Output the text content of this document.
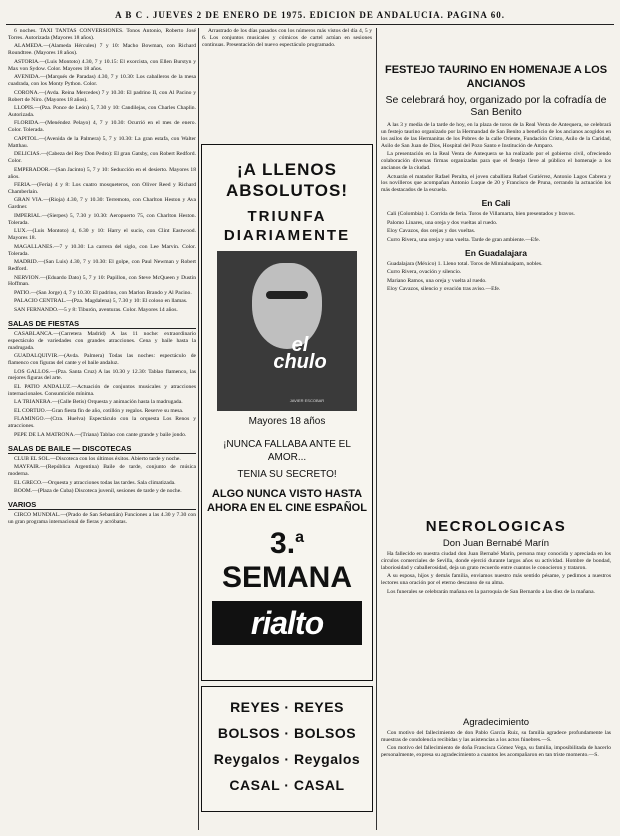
A B C . JUEVES 2 DE ENERO DE 1975. EDICION DE ANDALUCIA. PAGINA 60.

6 noches. TAXI TANTAS CONVERSIONES. Tonos Antonio, Roberto José Torres. Autorizada (Mayores 18 años).

ALAMEDA.—(Alameda Hércules) 7 y 10: Macho Bowman, con Richard Roundtree. (Mayores 18 años).

ASTORIA.—(Luis Montoto) 4.30, 7 y 10.15: El exorcista, con Ellen Burstyn y Max von Sydow. Color. Mayores 18 años.

AVENIDA.—(Marqués de Paradas) 4.30, 7 y 10.30: Los caballeros de la mesa cuadrada, con los Monty Python. Color.

CORONA.—(Avda. Reina Mercedes) 7 y 10.30: El padrino II, con Al Pacino y Robert de Niro. (Mayores 18 años).

LLOPIS.—(Pza. Ponce de León) 5, 7.30 y 10: Candilejas, con Charles Chaplin. Autorizada.

FLORIDA.—(Menéndez Pelayo) 4, 7 y 10.30: Ocurrió en el mes de enero. Color. Tolerada.

CAPITOL.—(Avenida de la Palmera) 5, 7 y 10.30: La gran estafa, con Walter Matthau.

DELICIAS.—(Cabeza del Rey Don Pedro): El gran Gatsby, con Robert Redford. Color.

EMPERADOR.—(San Jacinto) 5, 7 y 10: Seducción en el desierto. Mayores 18 años.

FERIA.—(Feria) 4 y 8: Los cuatro mosqueteros, con Oliver Reed y Richard Chamberlain.

GRAN VIA.—(Rioja) 4.30, 7 y 10.30: Terremoto, con Charlton Heston y Ava Gardner.

IMPERIAL.—(Sierpes) 5, 7.30 y 10.30: Aeropuerto 75, con Charlton Heston. Tolerada.

LUX.—(Luis Montoto) 4, 6.30 y 10: Harry el sucio, con Clint Eastwood. Mayores 18.

MAGALLANES.—7 y 10.30: La carrera del siglo, con Lee Marvin. Color. Tolerada.

MADRID.—(San Luis) 4.30, 7 y 10.30: El golpe, con Paul Newman y Robert Redford.

NERVION.—(Eduardo Dato) 5, 7 y 10: Papillon, con Steve McQueen y Dustin Hoffman.

PATIO.—(San Jorge) 4, 7 y 10.30: El padrino, con Marlon Brando y Al Pacino.

PALACIO CENTRAL.—(Pza. Magdalena) 5, 7.30 y 10: El coloso en llamas.

SAN FERNANDO.—5 y 8: Tiburón, aventuras. Color. Mayores 14 años.

SALAS DE FIESTAS

CASABLANCA.—(Carretera Madrid) A las 11 noche: extraordinario espectáculo de variedades con grandes atracciones. Cena y baile hasta la madrugada.

GUADALQUIVIR.—(Avda. Palmera) Todas las noches: espectáculo de flamenco con figuras del cante y el baile andaluz.

LOS GALLOS.—(Pza. Santa Cruz) A las 10.30 y 12.30: Tablao flamenco, las mejores figuras del arte.

EL PATIO ANDALUZ.—Actuación de conjuntos musicales y atracciones internacionales. Consumición mínima.

LA TRIANERA.—(Calle Betis) Orquesta y animación hasta la madrugada.

EL CORTIJO.—Gran fiesta fin de año, cotillón y regalos. Reserve su mesa.

FLAMINGO.—(Ctra. Huelva) Espectáculo con la orquesta Los Renos y atracciones.

PEPE DE LA MATRONA.—(Triana) Tablao con cante grande y baile jondo.

SALAS DE BAILE — DISCOTECAS

CLUB EL SOL.—Discoteca con los últimos éxitos. Abierto tarde y noche.

MAYFAIR.—(República Argentina) Baile de tarde, conjunto de música moderna.

EL GRECO.—Orquesta y atracciones todas las tardes. Sala climatizada.

BOOM.—(Plaza de Cuba) Discoteca juvenil, sesiones de tarde y de noche.

VARIOS

CIRCO MUNDIAL.—(Prado de San Sebastián) Funciones a las 4.30 y 7.30 con un gran programa internacional de fieras y acróbatas.

Arrastrado de los días pasados con los números más vistos del día 4, 5 y 6. Los conjuntos musicales y cómicos de cartel actúan en sesiones continuas. Presentación del nuevo espectáculo programado.

¡A LLENOS
ABSOLUTOS!
TRIUNFA
DIARIAMENTE
el chulo
JAVIER ESCOBAR
Mayores 18 años
¡NUNCA FALLABA ANTE EL
AMOR...
TENIA SU SECRETO!
ALGO NUNCA VISTO HASTA
AHORA EN EL CINE ESPAÑOL
3.$^a$ SEMANA
rialto
REYES · REYES
BOLSOS · BOLSOS
Reygalos · Reygalos
CASAL · CASAL
FESTEJO TAURINO EN HOMENAJE A LOS ANCIANOS
Se celebrará hoy, organizado por la cofradía de San Benito

A las 3 y media de la tarde de hoy, en la plaza de toros de la Real Venta de Antequera, se celebrará un festejo taurino organizado por la Hermandad de San Benito a beneficio de los ancianos acogidos en los asilos de las Hermanitas de los Pobres de la calle Oriente, Fundación Cristo, Asilo de la Caridad, Asilo de San Juan de Dios, Hospital del Pozo Santo e Institución de Amparo.

La presentación en la Real Venta de Antequera se ha realizado por el gobierno civil, ofreciendo colaboración diversas firmas organizadas para que el festejo lleve al público el homenaje a los ancianos de la ciudad.

Actuarán el matador Rafael Peralta, el joven caballista Rafael Gutiérrez, Antonio Lagos Cabrera y los novilleros que acompañan Antonio Luque de 20 y Francisco de Pruna, cerrando la actuación los más destacados de la escuela.

En Cali

Cali (Colombia) 1. Corrida de feria. Toros de Villamarta, bien presentados y bravos.

Palomo Linares, una oreja y dos vueltas al ruedo.

Eloy Cavazos, dos orejas y dos vueltas.

Curro Rivera, una oreja y una vuelta. Tarde de gran ambiente.—Efe.

En Guadalajara

Guadalajara (México) 1. Lleno total. Toros de Mimiahuápam, nobles.

Curro Rivera, ovación y silencio.

Mariano Ramos, una oreja y vuelta al ruedo.

Eloy Cavazos, silencio y ovación tras aviso.—Efe.

NECROLOGICAS
Don Juan Bernabé Marín

Ha fallecido en nuestra ciudad don Juan Bernabé Marín, persona muy conocida y apreciada en los círculos comerciales de Sevilla, donde ejerció durante largos años su actividad. Hombre de bondad, laboriosidad y caballerosidad, deja un grato recuerdo entre cuantos le conocieron y trataron.

A su esposa, hijos y demás familia, enviamos nuestro más sentido pésame, y pedimos a nuestros lectores una oración por el eterno descanso de su alma.

Los funerales se celebrarán mañana en la parroquia de San Bernardo a las diez de la mañana.

Agradecimiento

Con motivo del fallecimiento de don Pablo García Ruiz, su familia agradece profundamente las muestras de condolencia recibidas y las asistencias a los actos fúnebres.—S.

Con motivo del fallecimiento de doña Francisca Gómez Vega, su familia, imposibilitada de hacerlo personalmente, expresa su agradecimiento a cuantos les acompañaron en tan triste momento.—S.
